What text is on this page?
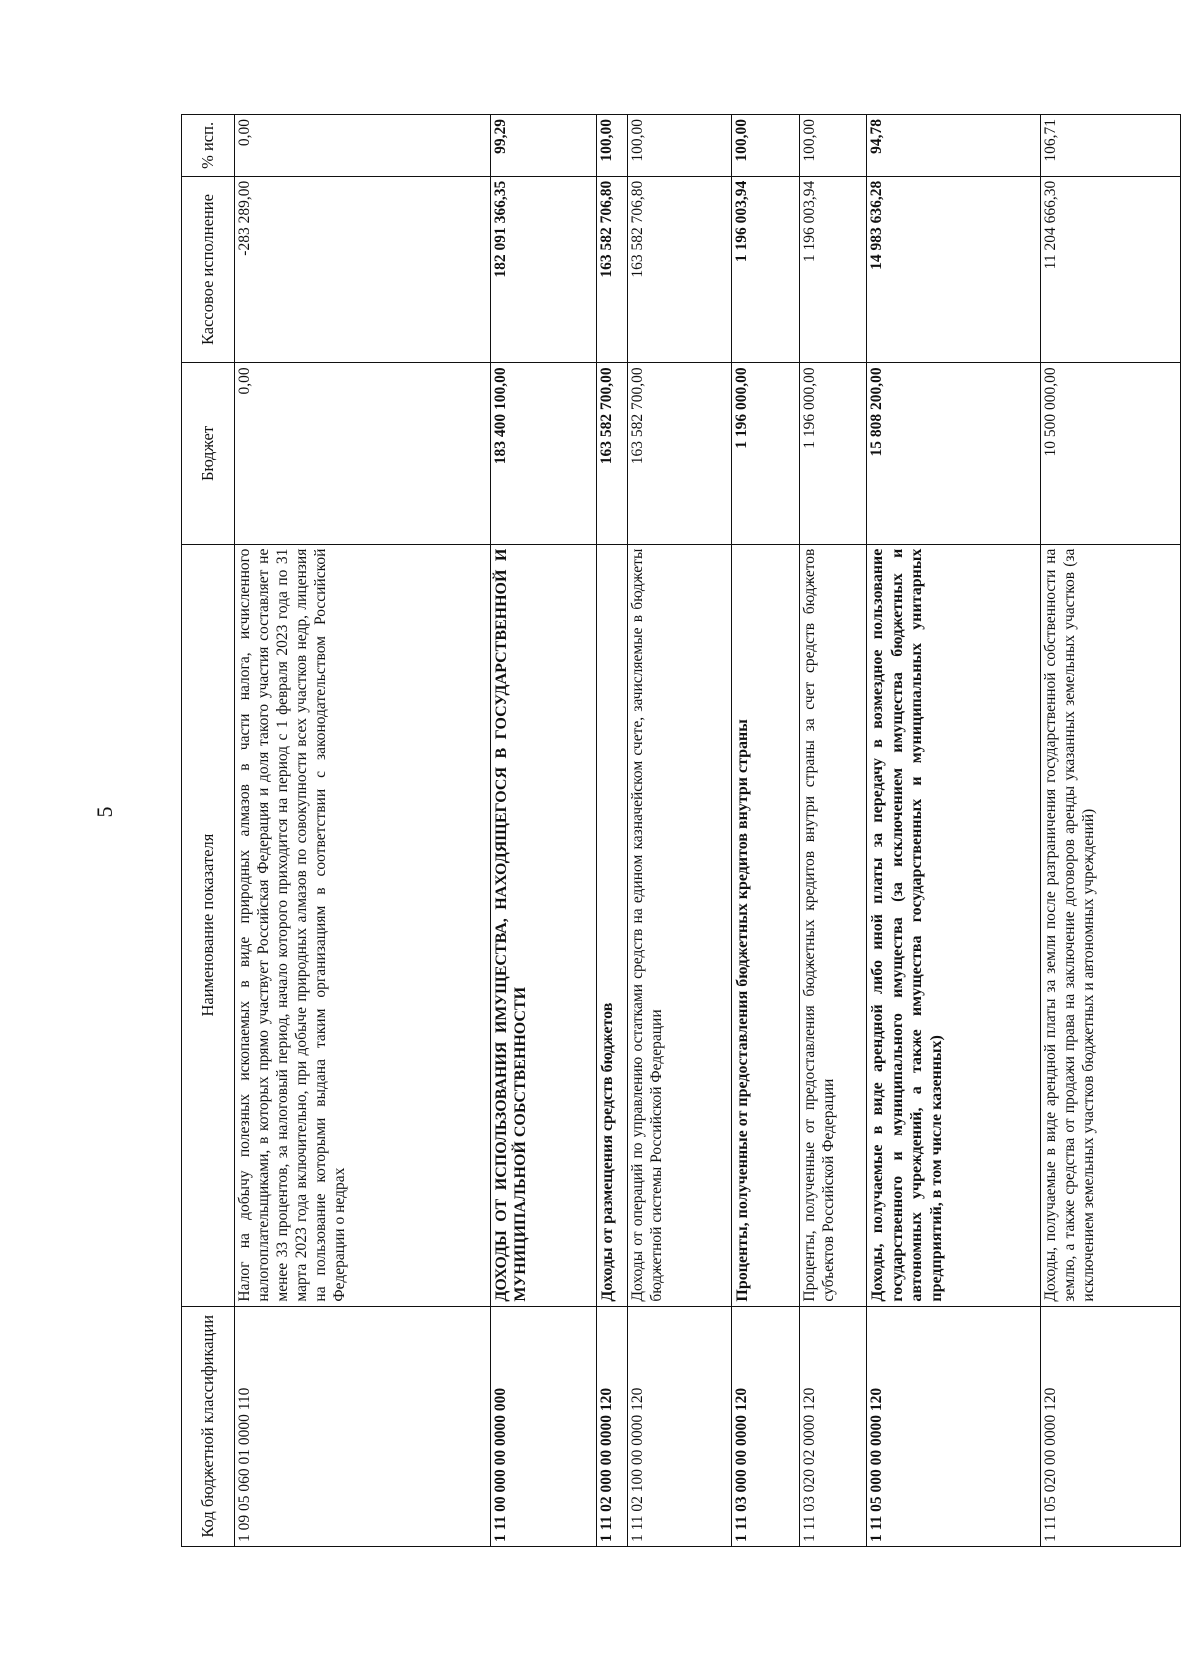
5
Код бюджетной классификации	Наименование показателя	Бюджет	Кассовое исполнение	% исп.
1 09 05 060 01 0000 110	Налог на добычу полезных ископаемых в виде природных алмазов в части налога, исчисленного налогоплательщиками, в которых прямо участвует Российская Федерация и доля такого участия составляет не менее 33 процентов, за налоговый период, начало которого приходится на период с 1 февраля 2023 года по 31 марта 2023 года включительно, при добыче природных алмазов по совокупности всех участков недр, лицензия на пользование которыми выдана таким организациям в соответствии с законодательством Российской Федерации о недрах	0,00	-283 289,00	0,00
1 11 00 000 00 0000 000	ДОХОДЫ ОТ ИСПОЛЬЗОВАНИЯ ИМУЩЕСТВА, НАХОДЯЩЕГОСЯ В ГОСУДАРСТВЕННОЙ И МУНИЦИПАЛЬНОЙ СОБСТВЕННОСТИ	183 400 100,00	182 091 366,35	99,29
1 11 02 000 00 0000 120	Доходы от размещения средств бюджетов	163 582 700,00	163 582 706,80	100,00
1 11 02 100 00 0000 120	Доходы от операций по управлению остатками средств на едином казначейском счете, зачисляемые в бюджеты бюджетной системы Российской Федерации	163 582 700,00	163 582 706,80	100,00
1 11 03 000 00 0000 120	Проценты, полученные от предоставления бюджетных кредитов внутри страны	1 196 000,00	1 196 003,94	100,00
1 11 03 020 02 0000 120	Проценты, полученные от предоставления бюджетных кредитов внутри страны за счет средств бюджетов субъектов Российской Федерации	1 196 000,00	1 196 003,94	100,00
1 11 05 000 00 0000 120	Доходы, получаемые в виде арендной либо иной платы за передачу в возмездное пользование государственного и муниципального имущества (за исключением имущества бюджетных и автономных учреждений, а также имущества государственных и муниципальных унитарных предприятий, в том числе казенных)	15 808 200,00	14 983 636,28	94,78
1 11 05 020 00 0000 120	Доходы, получаемые в виде арендной платы за земли после разграничения государственной собственности на землю, а также средства от продажи права на заключение договоров аренды указанных земельных участков (за исключением земельных участков бюджетных и автономных учреждений)	10 500 000,00	11 204 666,30	106,71
